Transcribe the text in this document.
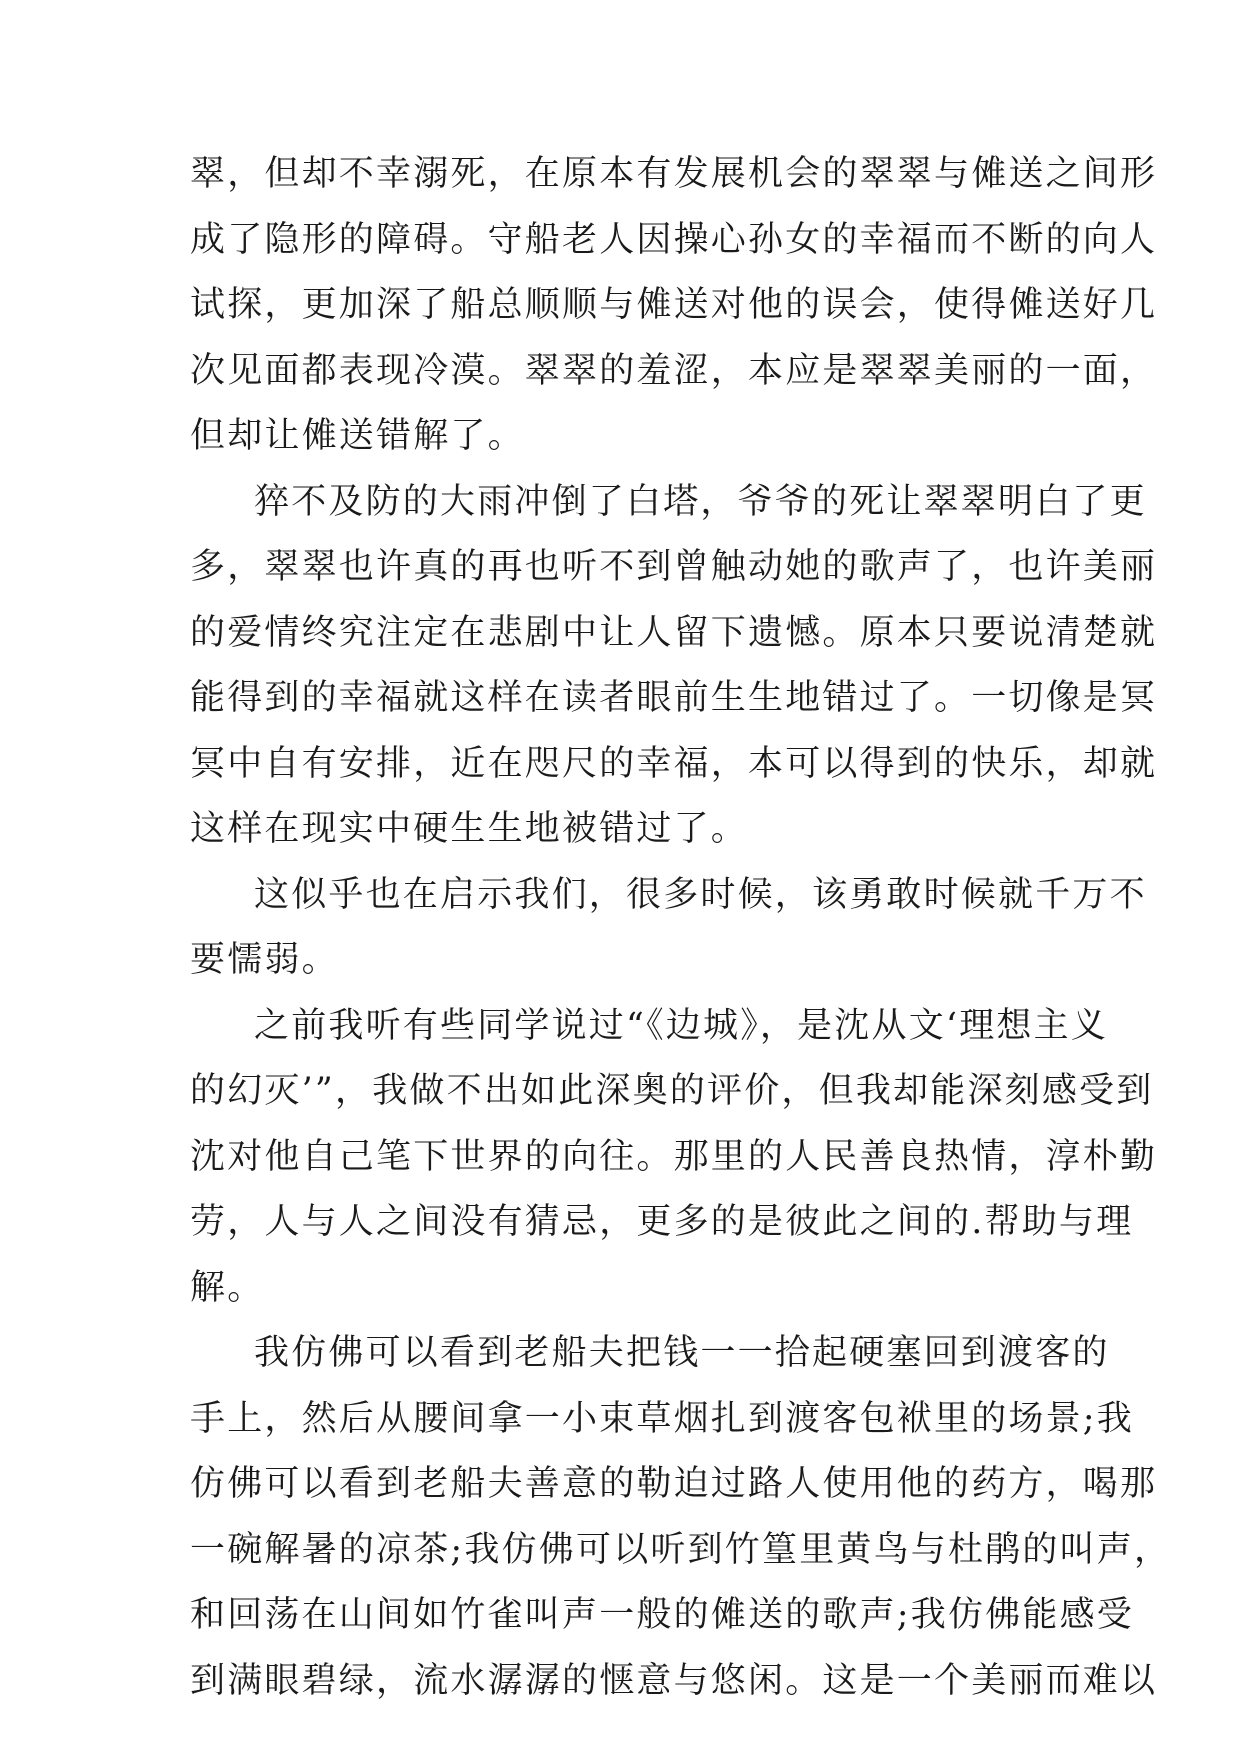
翠，但却不幸溺死，在原本有发展机会的翠翠与傩送之间形
成了隐形的障碍。守船老人因操心孙女的幸福而不断的向人
试探，更加深了船总顺顺与傩送对他的误会，使得傩送好几
次见面都表现冷漠。翠翠的羞涩，本应是翠翠美丽的一面，
但却让傩送错解了。
猝不及防的大雨冲倒了白塔，爷爷的死让翠翠明白了更
多，翠翠也许真的再也听不到曾触动她的歌声了，也许美丽
的爱情终究注定在悲剧中让人留下遗憾。原本只要说清楚就
能得到的幸福就这样在读者眼前生生地错过了。一切像是冥
冥中自有安排，近在咫尺的幸福，本可以得到的快乐，却就
这样在现实中硬生生地被错过了。
这似乎也在启示我们，很多时候，该勇敢时候就千万不
要懦弱。
之前我听有些同学说过“《边城》，是沈从文‘理想主义
的幻灭’”，我做不出如此深奥的评价，但我却能深刻感受到
沈对他自己笔下世界的向往。那里的人民善良热情，淳朴勤
劳，人与人之间没有猜忌，更多的是彼此之间的.帮助与理
解。
我仿佛可以看到老船夫把钱一一拾起硬塞回到渡客的
手上，然后从腰间拿一小束草烟扎到渡客包袱里的场景;我
仿佛可以看到老船夫善意的勒迫过路人使用他的药方，喝那
一碗解暑的凉茶;我仿佛可以听到竹篁里黄鸟与杜鹃的叫声，
和回荡在山间如竹雀叫声一般的傩送的歌声;我仿佛能感受
到满眼碧绿，流水潺潺的惬意与悠闲。这是一个美丽而难以
